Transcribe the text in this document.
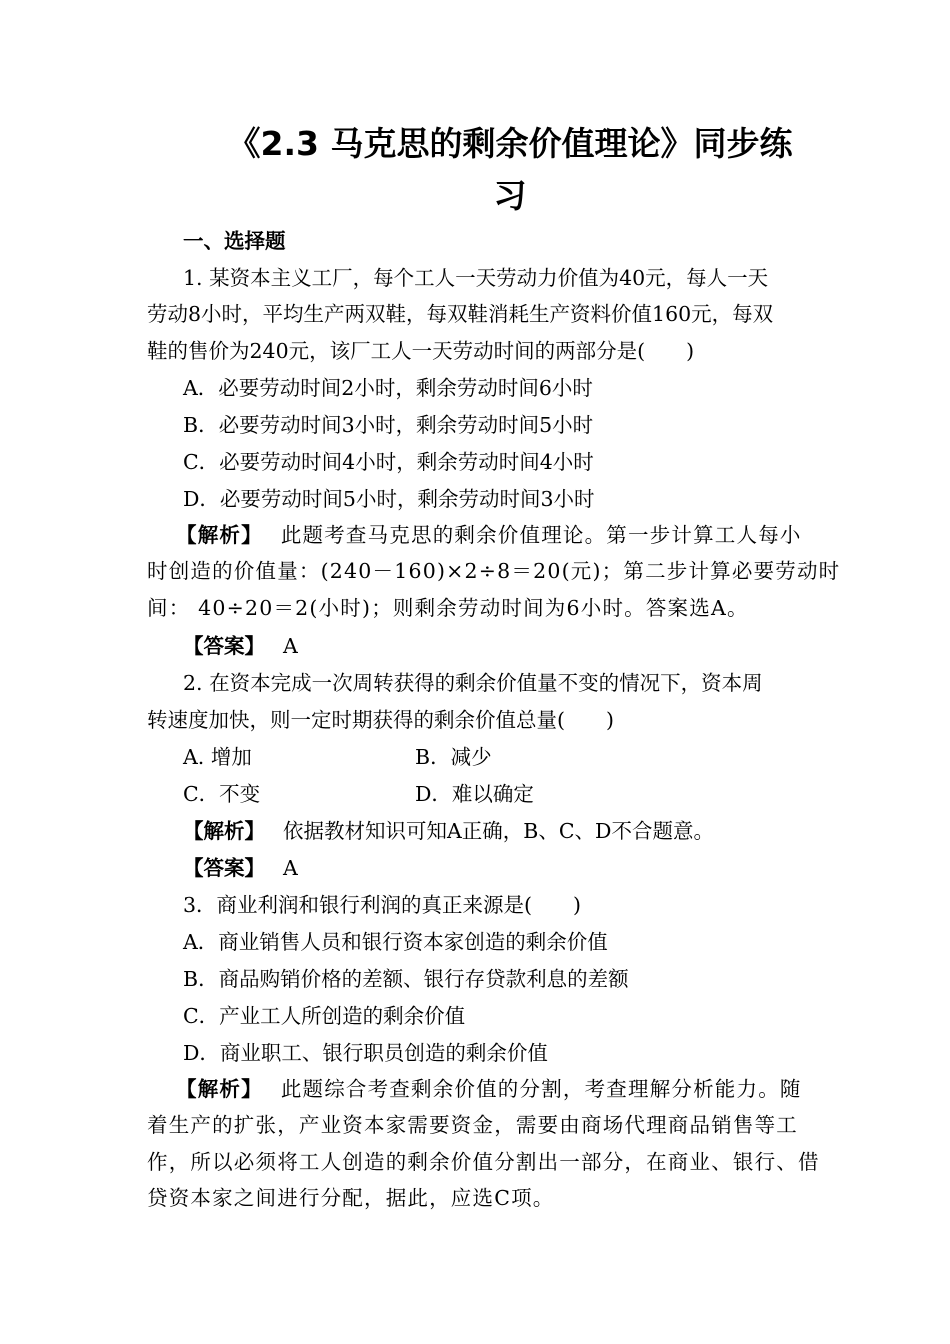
《2.3 马克思的剩余价值理论》同步练
习
一、选择题
1. 某资本主义工厂，每个工人一天劳动力价值为40元，每人一天
劳动8小时，平均生产两双鞋，每双鞋消耗生产资料价值160元，每双
鞋的售价为240元，该厂工人一天劳动时间的两部分是(　　)
A．必要劳动时间2小时，剩余劳动时间6小时
B．必要劳动时间3小时，剩余劳动时间5小时
C．必要劳动时间4小时，剩余劳动时间4小时
D．必要劳动时间5小时，剩余劳动时间3小时
【解析】 此题考查马克思的剩余价值理论。第一步计算工人每小
时创造的价值量：(240－160)×2÷8＝20(元)；第二步计算必要劳动时
间： 40÷20＝2(小时)；则剩余劳动时间为6小时。答案选A。
【答案】 A
2. 在资本完成一次周转获得的剩余价值量不变的情况下，资本周
转速度加快，则一定时期获得的剩余价值总量(　　)
A. 增加	B．减少
C．不变	D．难以确定
【解析】 依据教材知识可知A正确，B、C、D不合题意。
【答案】 A
3．商业利润和银行利润的真正来源是(　　)
A．商业销售人员和银行资本家创造的剩余价值
B．商品购销价格的差额、银行存贷款利息的差额
C．产业工人所创造的剩余价值
D．商业职工、银行职员创造的剩余价值
【解析】 此题综合考查剩余价值的分割，考查理解分析能力。随
着生产的扩张，产业资本家需要资金，需要由商场代理商品销售等工
作，所以必须将工人创造的剩余价值分割出一部分，在商业、银行、借
贷资本家之间进行分配，据此，应选C项。
